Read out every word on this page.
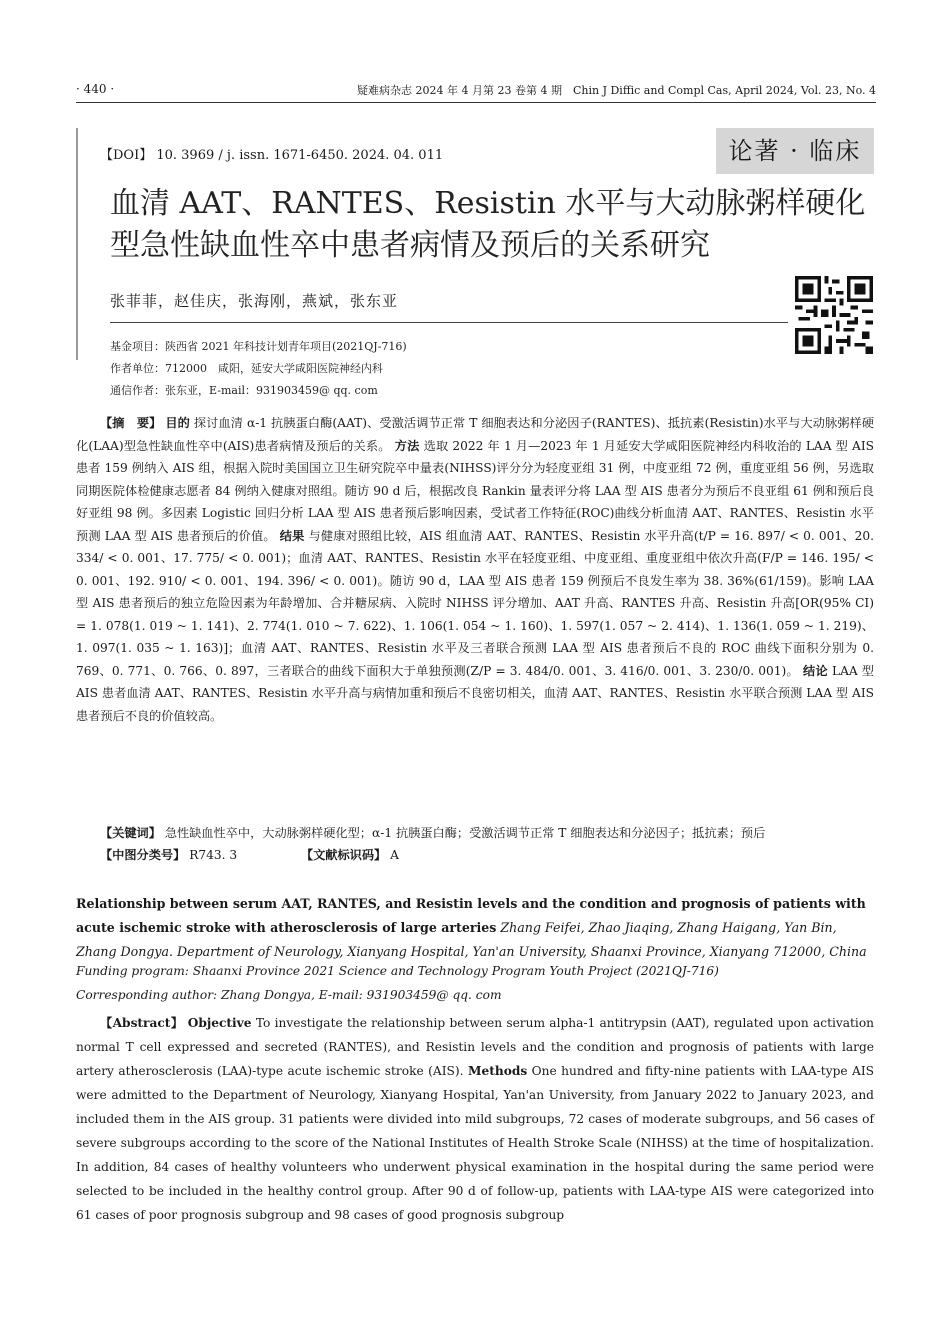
· 440 ·	疑难病杂志 2024 年 4 月第 23 卷第 4 期　Chin J Diffic and Compl Cas, April 2024, Vol. 23, No. 4
【DOI】 10. 3969 / j. issn. 1671-6450. 2024. 04. 011	论著 · 临床
血清 AAT、RANTES、Resistin 水平与大动脉粥样硬化型急性缺血性卒中患者病情及预后的关系研究
张菲菲，赵佳庆，张海刚，燕斌，张东亚
基金项目：陕西省 2021 年科技计划青年项目(2021QJ-716)
作者单位：712000　咸阳，延安大学咸阳医院神经内科
通信作者：张东亚，E-mail：931903459@ qq. com

【摘　要】 目的 探讨血清 α-1 抗胰蛋白酶(AAT)、受激活调节正常 T 细胞表达和分泌因子(RANTES)、抵抗素(Resistin)水平与大动脉粥样硬化(LAA)型急性缺血性卒中(AIS)患者病情及预后的关系。 方法 选取 2022 年 1 月—2023 年 1 月延安大学咸阳医院神经内科收治的 LAA 型 AIS 患者 159 例纳入 AIS 组，根据入院时美国国立卫生研究院卒中量表(NIHSS)评分分为轻度亚组 31 例，中度亚组 72 例，重度亚组 56 例，另选取同期医院体检健康志愿者 84 例纳入健康对照组。随访 90 d 后，根据改良 Rankin 量表评分将 LAA 型 AIS 患者分为预后不良亚组 61 例和预后良好亚组 98 例。多因素 Logistic 回归分析 LAA 型 AIS 患者预后影响因素，受试者工作特征(ROC)曲线分析血清 AAT、RANTES、Resistin 水平预测 LAA 型 AIS 患者预后的价值。 结果 与健康对照组比较，AIS 组血清 AAT、RANTES、Resistin 水平升高(t/P = 16. 897/ < 0. 001、20. 334/ < 0. 001、17. 775/ < 0. 001)；血清 AAT、RANTES、Resistin 水平在轻度亚组、中度亚组、重度亚组中依次升高(F/P = 146. 195/ < 0. 001、192. 910/ < 0. 001、194. 396/ < 0. 001)。随访 90 d，LAA 型 AIS 患者 159 例预后不良发生率为 38. 36%(61/159)。影响 LAA 型 AIS 患者预后的独立危险因素为年龄增加、合并糖尿病、入院时 NIHSS 评分增加、AAT 升高、RANTES 升高、Resistin 升高[OR(95% CI) = 1. 078(1. 019 ~ 1. 141)、2. 774(1. 010 ~ 7. 622)、1. 106(1. 054 ~ 1. 160)、1. 597(1. 057 ~ 2. 414)、1. 136(1. 059 ~ 1. 219)、1. 097(1. 035 ~ 1. 163)]；血清 AAT、RANTES、Resistin 水平及三者联合预测 LAA 型 AIS 患者预后不良的 ROC 曲线下面积分别为 0. 769、0. 771、0. 766、0. 897，三者联合的曲线下面积大于单独预测(Z/P = 3. 484/0. 001、3. 416/0. 001、3. 230/0. 001)。 结论 LAA 型 AIS 患者血清 AAT、RANTES、Resistin 水平升高与病情加重和预后不良密切相关，血清 AAT、RANTES、Resistin 水平联合预测 LAA 型 AIS 患者预后不良的价值较高。

【关键词】 急性缺血性卒中，大动脉粥样硬化型；α-1 抗胰蛋白酶；受激活调节正常 T 细胞表达和分泌因子；抵抗素；预后
【中图分类号】 R743. 3	【文献标识码】 A
Relationship between serum AAT, RANTES, and Resistin levels and the condition and prognosis of patients with acute ischemic stroke with atherosclerosis of large arteries Zhang Feifei, Zhao Jiaqing, Zhang Haigang, Yan Bin, Zhang Dongya. Department of Neurology, Xianyang Hospital, Yan'an University, Shaanxi Province, Xianyang 712000, China
Funding program: Shaanxi Province 2021 Science and Technology Program Youth Project (2021QJ-716)
Corresponding author: Zhang Dongya, E-mail: 931903459@ qq. com
【Abstract】 Objective To investigate the relationship between serum alpha-1 antitrypsin (AAT), regulated upon activation normal T cell expressed and secreted (RANTES), and Resistin levels and the condition and prognosis of patients with large artery atherosclerosis (LAA)-type acute ischemic stroke (AIS). Methods One hundred and fifty-nine patients with LAA-type AIS were admitted to the Department of Neurology, Xianyang Hospital, Yan'an University, from January 2022 to January 2023, and included them in the AIS group. 31 patients were divided into mild subgroups, 72 cases of moderate subgroups, and 56 cases of severe subgroups according to the score of the National Institutes of Health Stroke Scale (NIHSS) at the time of hospitalization. In addition, 84 cases of healthy volunteers who underwent physical examination in the hospital during the same period were selected to be included in the healthy control group. After 90 d of follow-up, patients with LAA-type AIS were categorized into 61 cases of poor prognosis subgroup and 98 cases of good prognosis subgroup
